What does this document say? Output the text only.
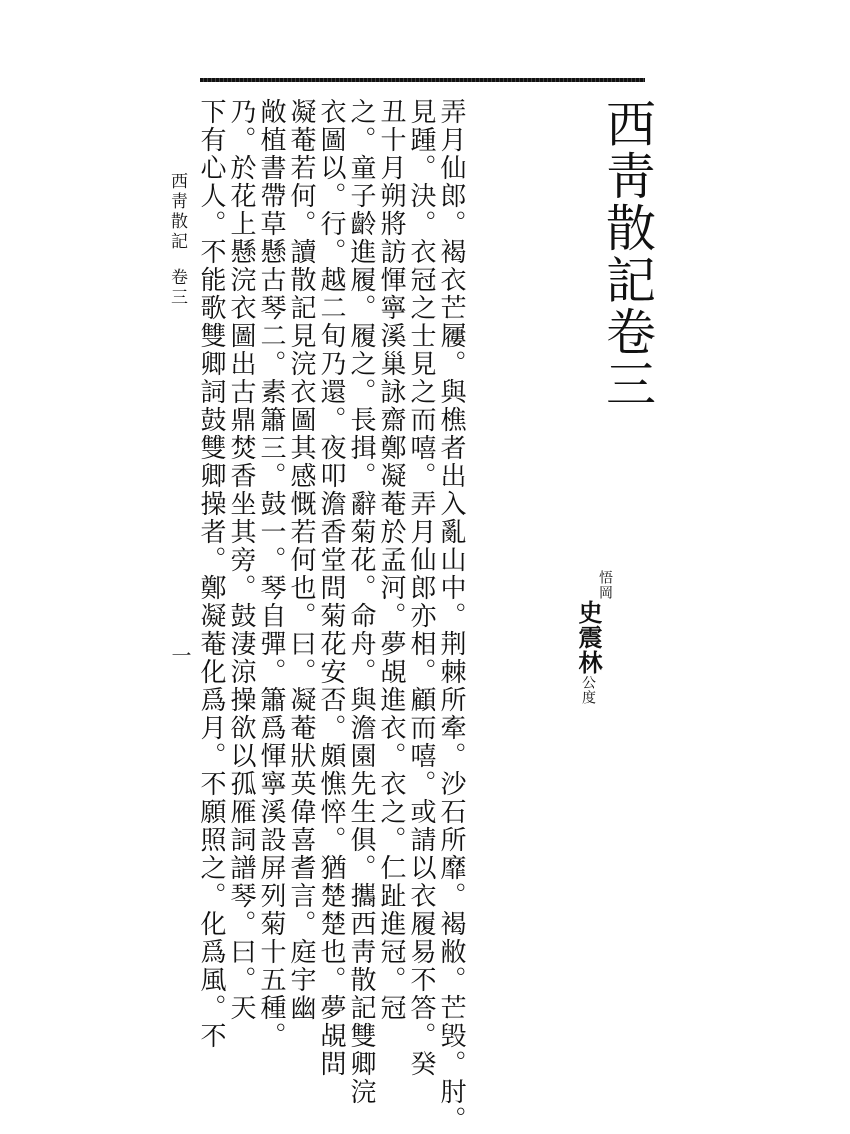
西靑散記卷三
悟岡
史震林公度
弄月仙郎。褐衣芒屨。與樵者出入亂山中。荆棘所牽。沙石所靡。褐敝。芒毁。肘。
見踵。決。衣冠之士見之而嘻。弄月仙郎亦相。顧而嘻。或請以衣履易不答。癸
丑十月朔將訪惲寧溪巢詠齋鄭凝菴於孟河。夢覘進衣。衣之。仁趾進冠。冠
之。童子齡進履。履之。長揖。辭菊花。命舟。與澹園先生俱。攜西靑散記雙卿浣
衣圖以。行。越二旬乃還。夜叩澹香堂問菊花安否。頗憔悴。猶楚楚也。夢覘問
凝菴若何。讀散記見浣衣圖其感慨若何也。曰。凝菴狀英偉喜耆言。庭宇幽
敞植書帶草懸古琴二。素簫三。鼓一。琴自彈。簫爲惲寧溪設屏列菊十五種。
乃。於花上懸浣衣圖出古鼎焚香坐其旁。鼓淒涼操欲以孤雁詞譜琴。曰。天
下有心人。不能歌雙卿詞鼓雙卿操者。鄭凝菴化爲月。不願照之。化爲風。不
西靑散記
卷三
一
